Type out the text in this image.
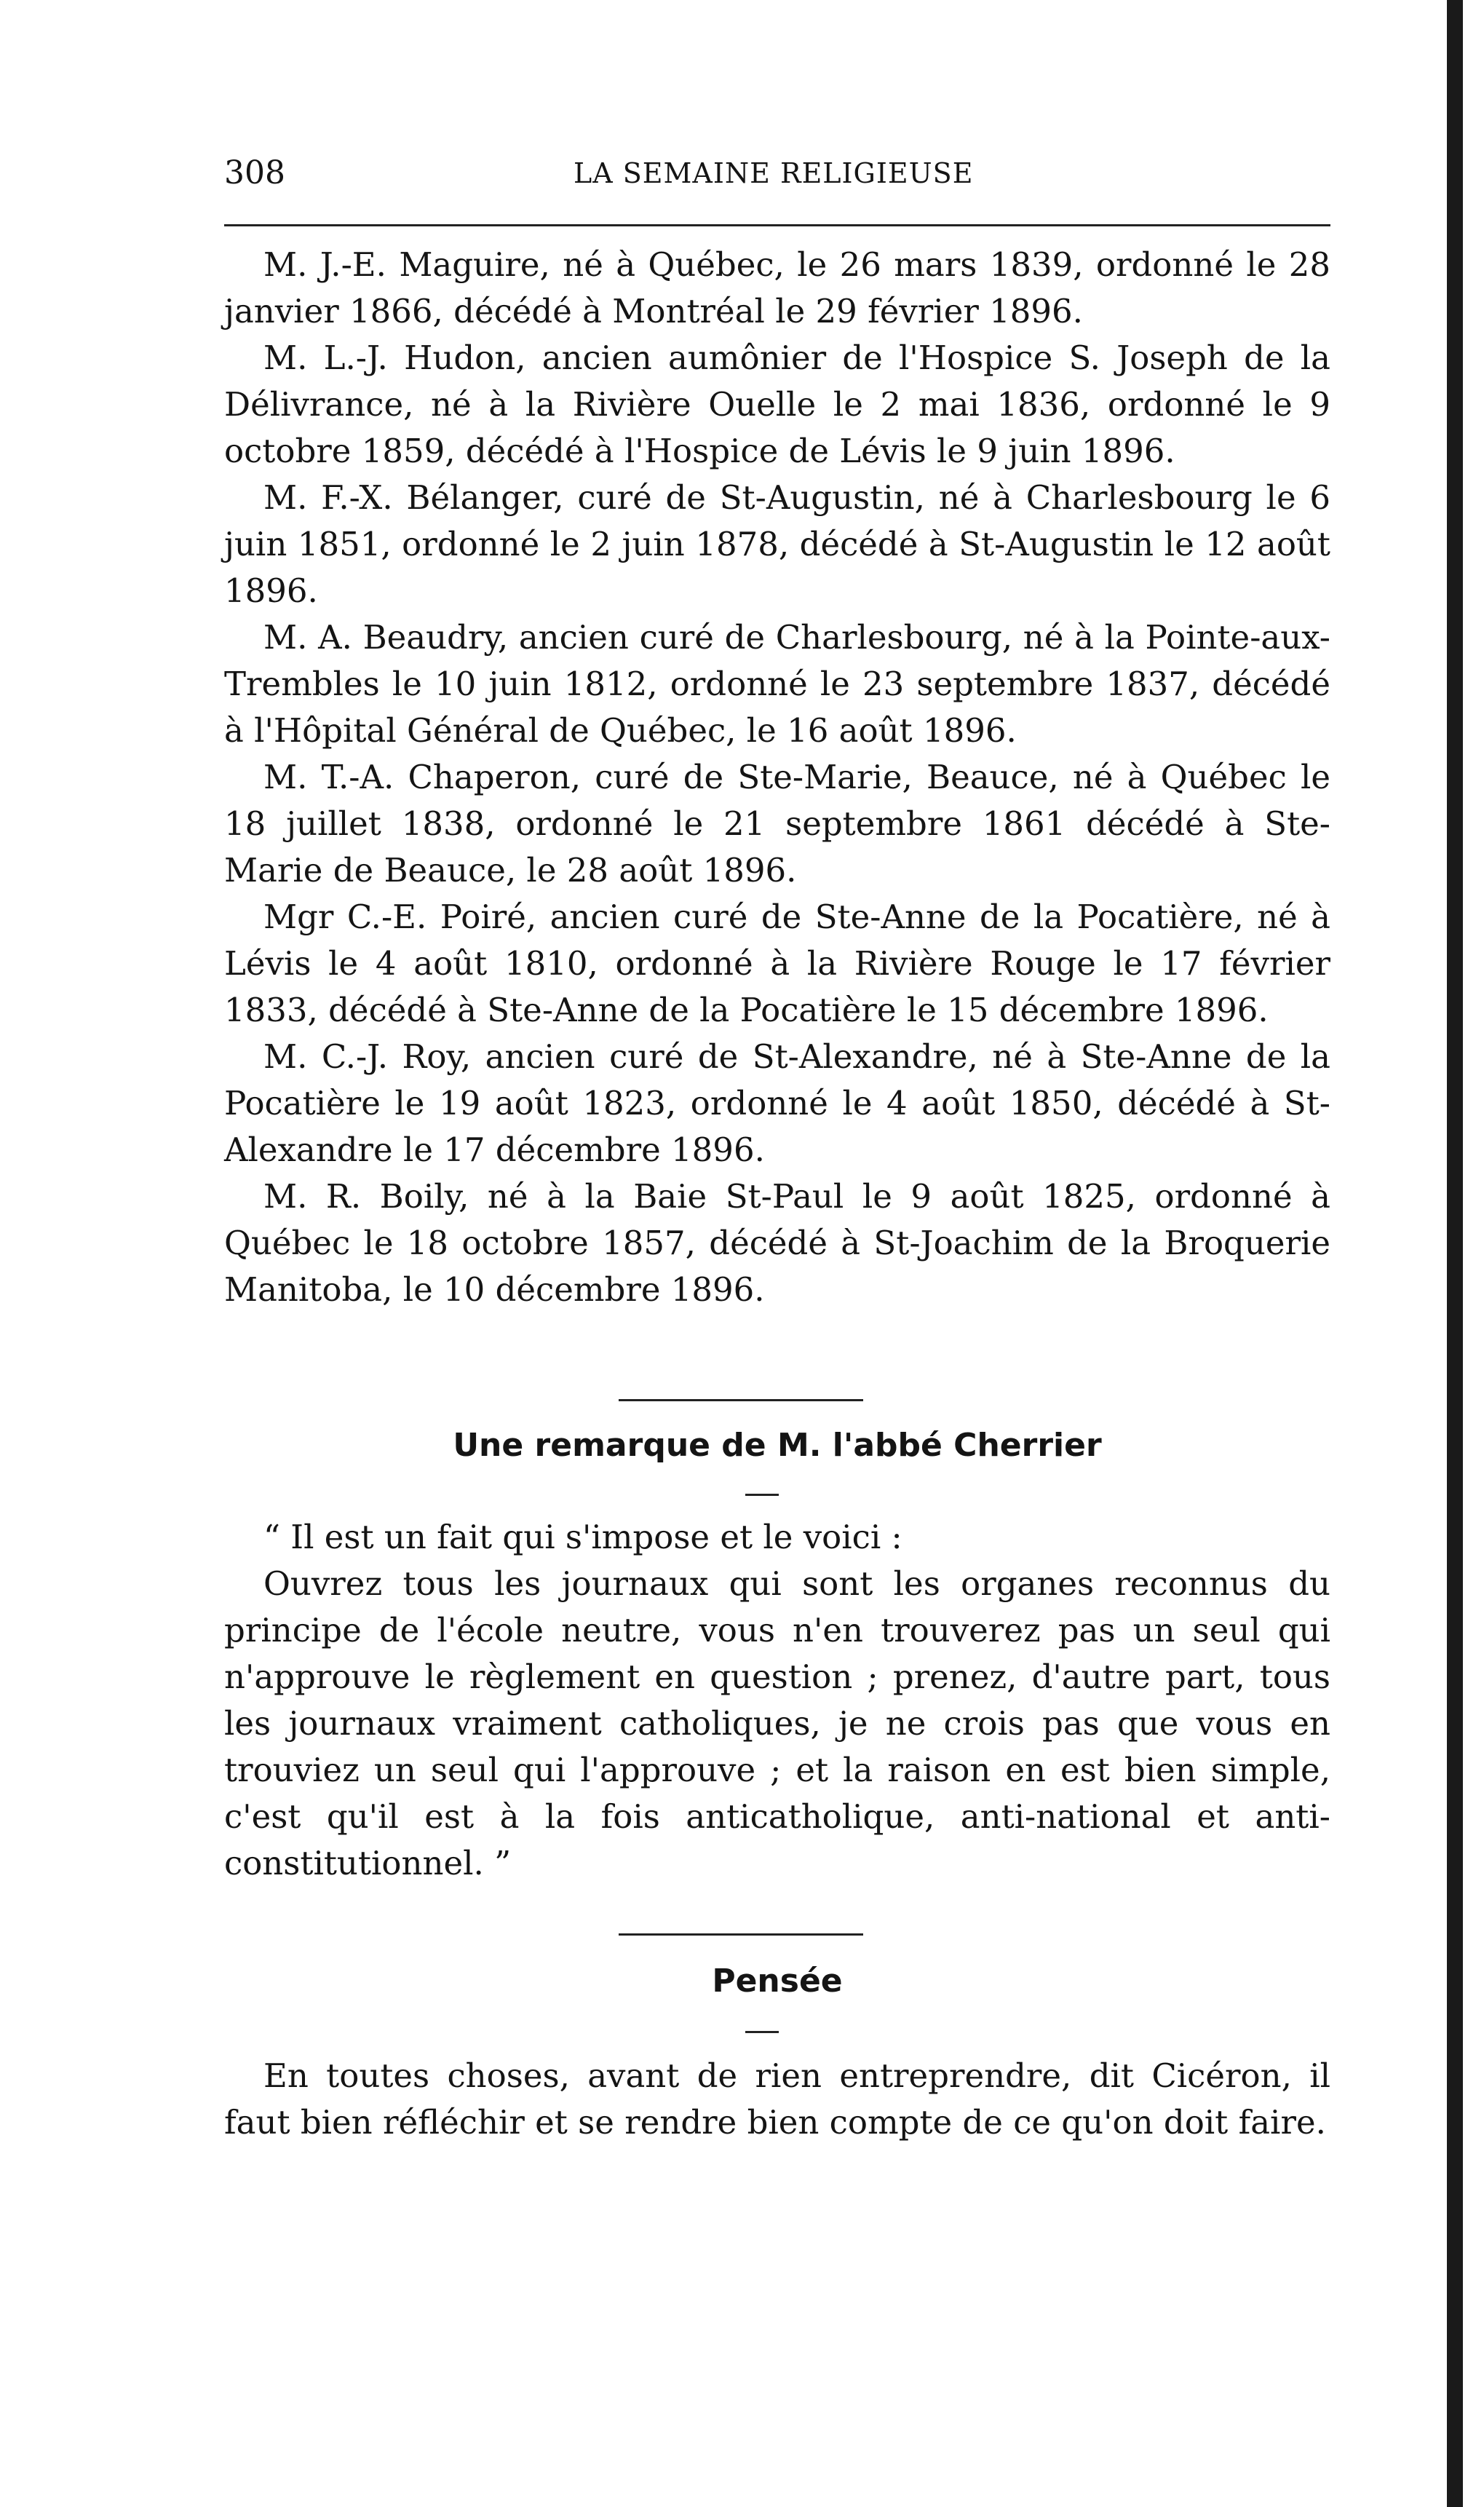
308	LA SEMAINE RELIGIEUSE

M. J.-E. Maguire, né à Québec, le 26 mars 1839, ordonné le 28 janvier 1866, décédé à Montréal le 29 février 1896.

M. L.-J. Hudon, ancien aumônier de l'Hospice S. Joseph de la Délivrance, né à la Rivière Ouelle le 2 mai 1836, ordonné le 9 octobre 1859, décédé à l'Hospice de Lévis le 9 juin 1896.

M. F.-X. Bélanger, curé de St-Augustin, né à Charlesbourg le 6 juin 1851, ordonné le 2 juin 1878, décédé à St-Augustin le 12 août 1896.

M. A. Beaudry, ancien curé de Charlesbourg, né à la Pointe-aux-Trembles le 10 juin 1812, ordonné le 23 septembre 1837, décédé à l'Hôpital Général de Québec, le 16 août 1896.

M. T.-A. Chaperon, curé de Ste-Marie, Beauce, né à Québec le 18 juillet 1838, ordonné le 21 septembre 1861 décédé à Ste-Marie de Beauce, le 28 août 1896.

Mgr C.-E. Poiré, ancien curé de Ste-Anne de la Pocatière, né à Lévis le 4 août 1810, ordonné à la Rivière Rouge le 17 février 1833, décédé à Ste-Anne de la Pocatière le 15 décembre 1896.

M. C.-J. Roy, ancien curé de St-Alexandre, né à Ste-Anne de la Pocatière le 19 août 1823, ordonné le 4 août 1850, décédé à St-Alexandre le 17 décembre 1896.

M. R. Boily, né à la Baie St-Paul le 9 août 1825, ordonné à Québec le 18 octobre 1857, décédé à St-Joachim de la Broquerie Manitoba, le 10 décembre 1896.

Une remarque de M. l'abbé Cherrier

“ Il est un fait qui s'impose et le voici :

Ouvrez tous les journaux qui sont les organes reconnus du principe de l'école neutre, vous n'en trouverez pas un seul qui n'approuve le règlement en question ; prenez, d'autre part, tous les journaux vraiment catholiques, je ne crois pas que vous en trouviez un seul qui l'approuve ; et la raison en est bien simple, c'est qu'il est à la fois anticatholique, anti-national et anti-constitutionnel. ”

Pensée

En toutes choses, avant de rien entreprendre, dit Cicéron, il faut bien réfléchir et se rendre bien compte de ce qu'on doit faire.
